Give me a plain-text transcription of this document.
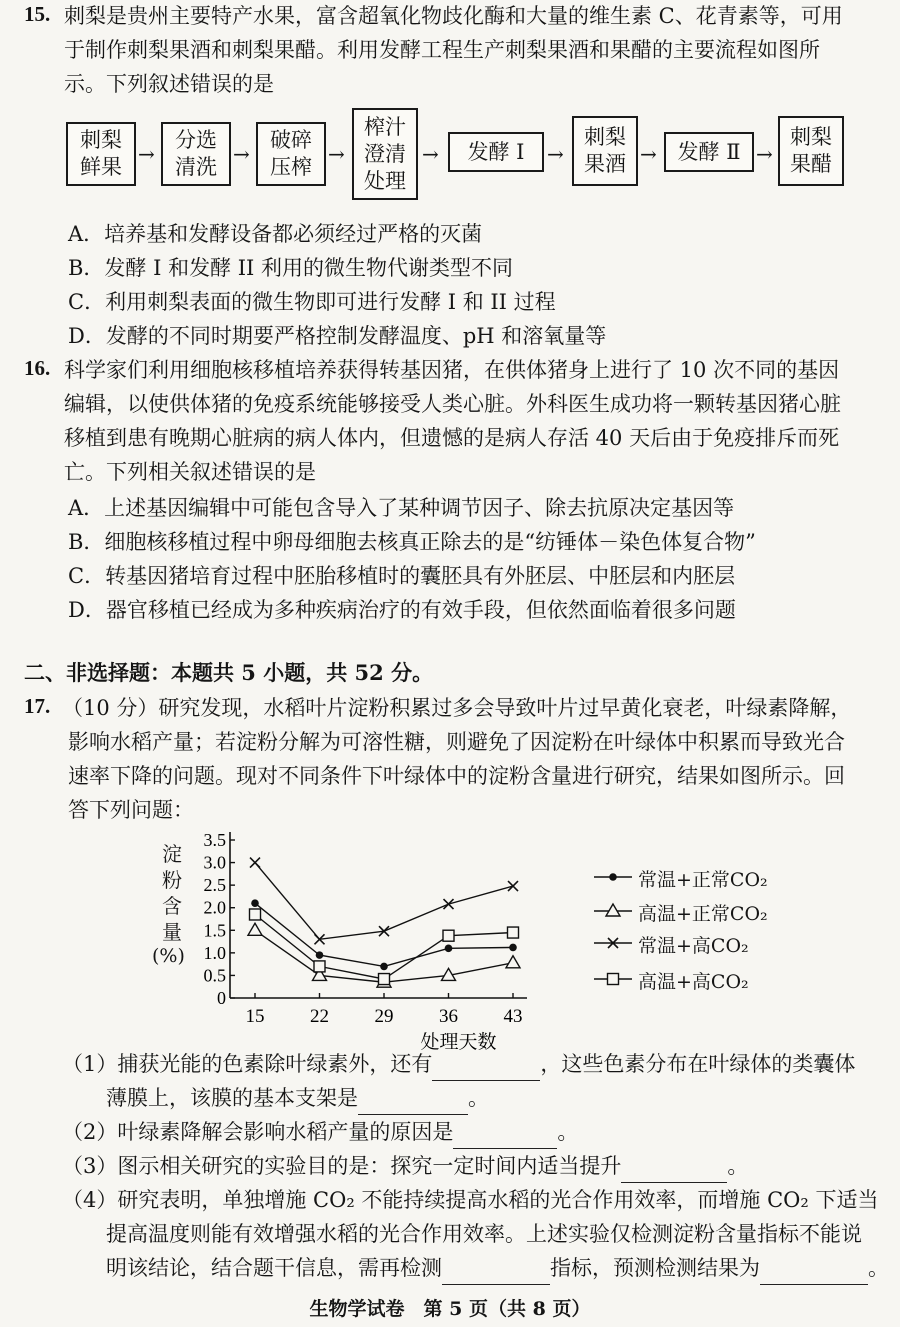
15. 刺梨是贵州主要特产水果，富含超氧化物歧化酶和大量的维生素 C、花青素等，可用
于制作刺梨果酒和刺梨果醋。利用发酵工程生产刺梨果酒和果醋的主要流程如图所
示。下列叙述错误的是
刺梨
鲜果
→
分选
清洗
→
破碎
压榨
→
榨汁
澄清
处理
→ 发酵 Ⅰ →
刺梨
果酒 → 发酵 Ⅱ →
刺梨
果醋
A．培养基和发酵设备都必须经过严格的灭菌
B．发酵 I 和发酵 II 利用的微生物代谢类型不同
C．利用刺梨表面的微生物即可进行发酵 I 和 II 过程
D．发酵的不同时期要严格控制发酵温度、pH 和溶氧量等
16. 科学家们利用细胞核移植培养获得转基因猪，在供体猪身上进行了 10 次不同的基因
编辑，以使供体猪的免疫系统能够接受人类心脏。外科医生成功将一颗转基因猪心脏
移植到患有晚期心脏病的病人体内，但遗憾的是病人存活 40 天后由于免疫排斥而死
亡。下列相关叙述错误的是
A．上述基因编辑中可能包含导入了某种调节因子、除去抗原决定基因等
B．细胞核移植过程中卵母细胞去核真正除去的是“纺锤体－染色体复合物”
C．转基因猪培育过程中胚胎移植时的囊胚具有外胚层、中胚层和内胚层
D．器官移植已经成为多种疾病治疗的有效手段，但依然面临着很多问题
二、非选择题：本题共 5 小题，共 52 分。
17. （10 分）研究发现，水稻叶片淀粉积累过多会导致叶片过早黄化衰老，叶绿素降解，
影响水稻产量；若淀粉分解为可溶性糖，则避免了因淀粉在叶绿体中积累而导致光合
速率下降的问题。现对不同条件下叶绿体中的淀粉含量进行研究，结果如图所示。回
答下列问题：
淀
粉
含
量
(%)
3.5
3.0
2.5
2.0
1.5
1.0
0.5
0
15 22 29 36 43
处理天数
常温+正常CO₂
高温+正常CO₂
常温+高CO₂
高温+高CO₂
（1）捕获光能的色素除叶绿素外，还有	，这些色素分布在叶绿体的类囊体
薄膜上，该膜的基本支架是	。
（2）叶绿素降解会影响水稻产量的原因是	。
（3）图示相关研究的实验目的是：探究一定时间内适当提升	。
（4）研究表明，单独增施 CO₂ 不能持续提高水稻的光合作用效率，而增施 CO₂ 下适当
提高温度则能有效增强水稻的光合作用效率。上述实验仅检测淀粉含量指标不能说
明该结论，结合题干信息，需再检测	指标，预测检测结果为	。
生物学试卷　第 5 页（共 8 页）
